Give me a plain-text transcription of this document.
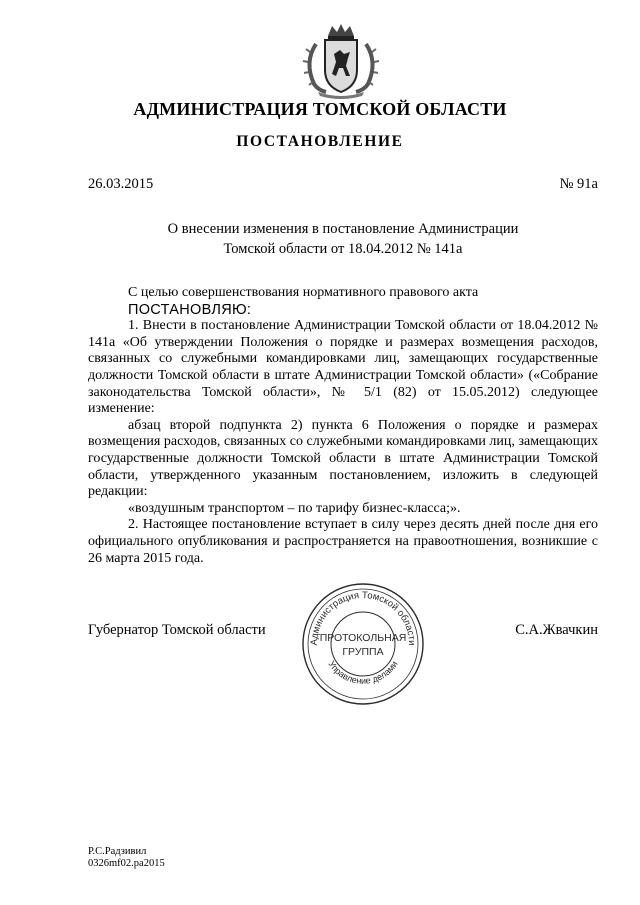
АДМИНИСТРАЦИЯ ТОМСКОЙ ОБЛАСТИ
ПОСТАНОВЛЕНИЕ
26.03.2015	№ 91а
О внесении изменения в постановление Администрации
Томской области от 18.04.2012 № 141а

С целью совершенствования нормативного правового акта

ПОСТАНОВЛЯЮ:

1. Внести в постановление Администрации Томской области от 18.04.2012 № 141а «Об утверждении Положения о порядке и размерах возмещения расходов, связанных со служебными командировками лиц, замещающих государственные должности Томской области в штате Администрации Томской области» («Собрание законодательства Томской области», № 5/1 (82) от 15.05.2012) следующее изменение:

абзац второй подпункта 2) пункта 6 Положения о порядке и размерах возмещения расходов, связанных со служебными командировками лиц, замещающих государственные должности Томской области в штате Администрации Томской области, утвержденного указанным постановлением, изложить в следующей редакции:

«воздушным транспортом – по тарифу бизнес-класса;».

2. Настоящее постановление вступает в силу через десять дней после дня его официального опубликования и распространяется на правоотношения, возникшие с 26 марта 2015 года.

Губернатор Томской области	С.А.Жвачкин
Администрация Томской области
Управление делами
ПРОТОКОЛЬНАЯ
ГРУППА
Р.С.Радзивил
0326mf02.pa2015
